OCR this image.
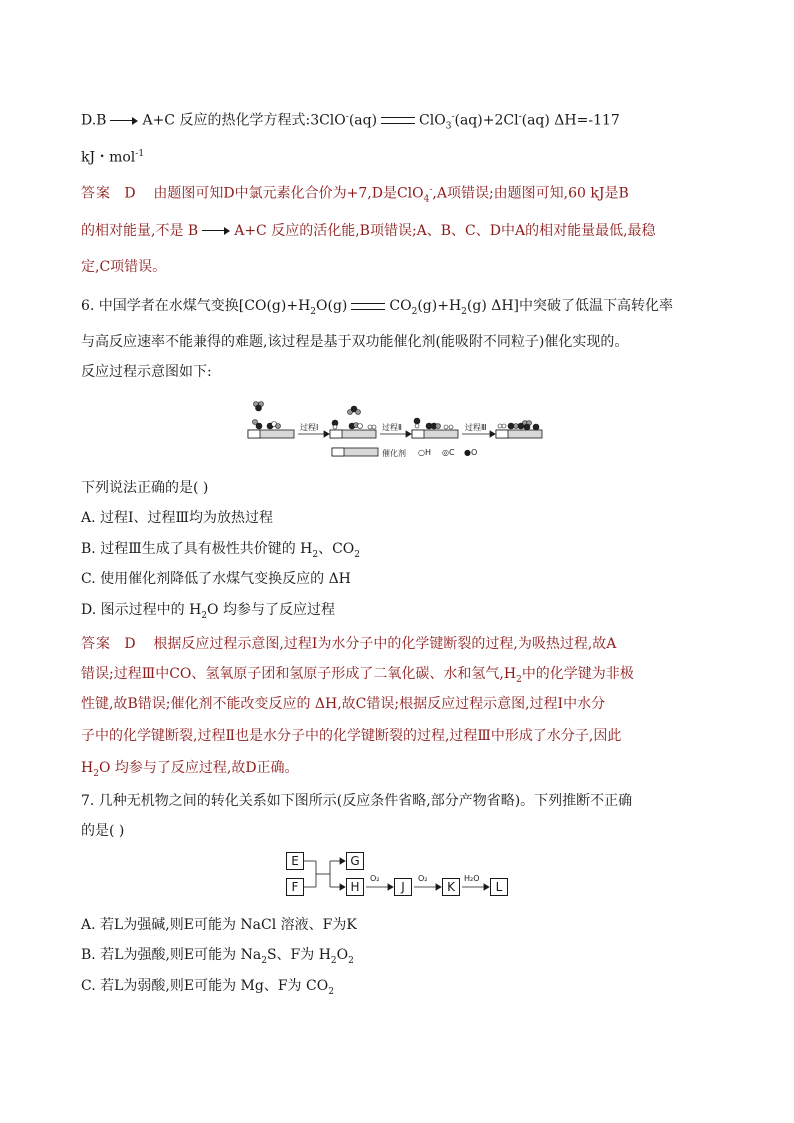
D.B	A+C 反应的热化学方程式:3ClO-(aq)	ClO$_3$-(aq)+2Cl-(aq) ΔH=-117
kJ・mol$^{-1}$
答案 D 由题图可知D中氯元素化合价为+7,D是ClO$_4$-,A项错误;由题图可知,60 kJ是B
的相对能量,不是 B	A+C 反应的活化能,B项错误;A、B、C、D中A的相对能量最低,最稳
定,C项错误。
6. 中国学者在水煤气变换[$CO(g)+H_2O(g)$	$CO_2(g)+H_2(g)$ ΔH]中突破了低温下高转化率
与高反应速率不能兼得的难题,该过程是基于双功能催化剂(能吸附不同粒子)催化实现的。
反应过程示意图如下:
过程Ⅰ	过程Ⅱ	过程Ⅲ
催化剂 ○H ◎C ●O
下列说法正确的是( )
A. 过程Ⅰ、过程Ⅲ均为放热过程
B. 过程Ⅲ生成了具有极性共价键的 $H_2$、$CO_2$
C. 使用催化剂降低了水煤气变换反应的 ΔH
D. 图示过程中的 $H_2O$ 均参与了反应过程
答案 D 根据反应过程示意图,过程Ⅰ为水分子中的化学键断裂的过程,为吸热过程,故A
错误;过程Ⅲ中CO、氢氧原子团和氢原子形成了二氧化碳、水和氢气$,H_2$中的化学键为非极
性键,故B错误;催化剂不能改变反应的 ΔH,故C错误;根据反应过程示意图,过程Ⅰ中水分
子中的化学键断裂,过程Ⅱ也是水分子中的化学键断裂的过程,过程Ⅲ中形成了水分子,因此
$H_2O$ 均参与了反应过程,故D正确。
7. 几种无机物之间的转化关系如下图所示(反应条件省略,部分产物省略)。下列推断不正确
的是( )
E
F
G
H	J	K	L
O₂	O₂	H₂O
A. 若L为强碱,则E可能为 NaCl 溶液、F为K
B. 若L为强酸,则E可能为 $Na_2S$、F为 $H_2O_2$
C. 若L为弱酸,则E可能为 Mg、F为 $CO_2$
